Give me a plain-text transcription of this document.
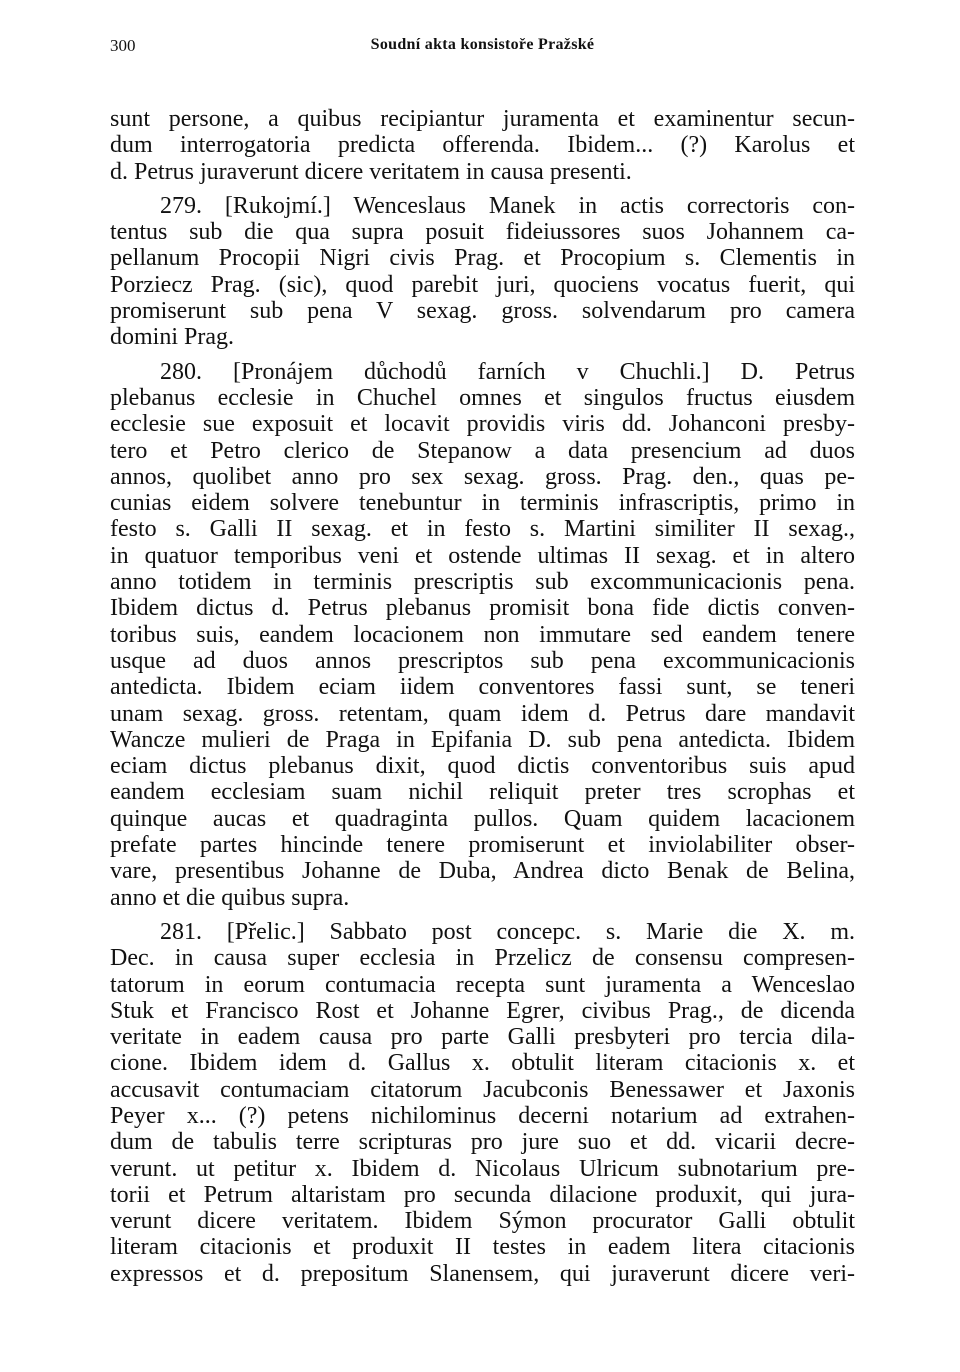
300	Soudní akta konsistoře Pražské
sunt persone, a quibus recipiantur juramenta et examinentur secun-
dum interrogatoria predicta offerenda. Ibidem... (?) Karolus et
d. Petrus juraverunt dicere veritatem in causa presenti.
279. [Rukojmí.] Wenceslaus Manek in actis correctoris con-
tentus sub die qua supra posuit fideiussores suos Johannem ca-
pellanum Procopii Nigri civis Prag. et Procopium s. Clementis in
Porziecz Prag. (sic), quod parebit juri, quociens vocatus fuerit, qui
promiserunt sub pena V sexag. gross. solvendarum pro camera
domini Prag.
280. [Pronájem důchodů farních v Chuchli.] D. Petrus
plebanus ecclesie in Chuchel omnes et singulos fructus eiusdem
ecclesie sue exposuit et locavit providis viris dd. Johanconi presby-
tero et Petro clerico de Stepanow a data presencium ad duos
annos, quolibet anno pro sex sexag. gross. Prag. den., quas pe-
cunias eidem solvere tenebuntur in terminis infrascriptis, primo in
festo s. Galli II sexag. et in festo s. Martini similiter II sexag.,
in quatuor temporibus veni et ostende ultimas II sexag. et in altero
anno totidem in terminis prescriptis sub excommunicacionis pena.
Ibidem dictus d. Petrus plebanus promisit bona fide dictis conven-
toribus suis, eandem locacionem non immutare sed eandem tenere
usque ad duos annos prescriptos sub pena excommunicacionis
antedicta. Ibidem eciam iidem conventores fassi sunt, se teneri
unam sexag. gross. retentam, quam idem d. Petrus dare mandavit
Wancze mulieri de Praga in Epifania D. sub pena antedicta. Ibidem
eciam dictus plebanus dixit, quod dictis conventoribus suis apud
eandem ecclesiam suam nichil reliquit preter tres scrophas et
quinque aucas et quadraginta pullos. Quam quidem lacacionem
prefate partes hincinde tenere promiserunt et inviolabiliter obser-
vare, presentibus Johanne de Duba, Andrea dicto Benak de Belina,
anno et die quibus supra.
281. [Přelic.] Sabbato post concepc. s. Marie die X. m.
Dec. in causa super ecclesia in Przelicz de consensu compresen-
tatorum in eorum contumacia recepta sunt juramenta a Wenceslao
Stuk et Francisco Rost et Johanne Egrer, civibus Prag., de dicenda
veritate in eadem causa pro parte Galli presbyteri pro tercia dila-
cione. Ibidem idem d. Gallus x. obtulit literam citacionis x. et
accusavit contumaciam citatorum Jacubconis Benessawer et Jaxonis
Peyer x... (?) petens nichilominus decerni notarium ad extrahen-
dum de tabulis terre scripturas pro jure suo et dd. vicarii decre-
verunt. ut petitur x. Ibidem d. Nicolaus Ulricum subnotarium pre-
torii et Petrum altaristam pro secunda dilacione produxit, qui jura-
verunt dicere veritatem. Ibidem Sýmon procurator Galli obtulit
literam citacionis et produxit II testes in eadem litera citacionis
expressos et d. prepositum Slanensem, qui juraverunt dicere veri-
